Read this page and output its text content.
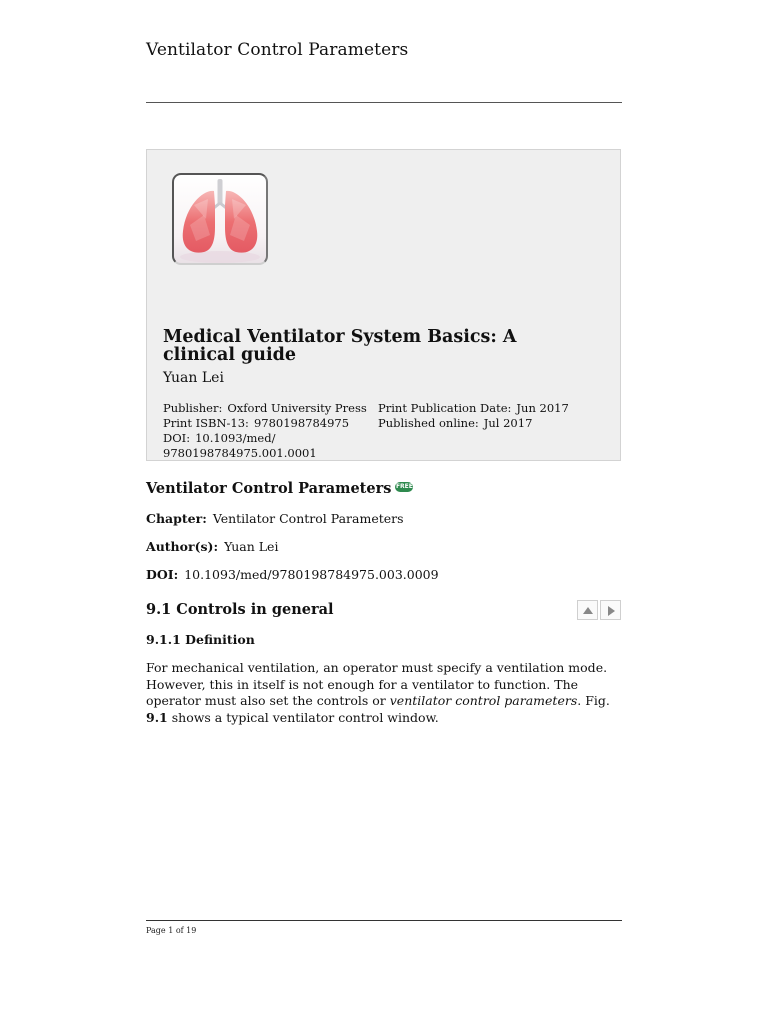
Ventilator Control Parameters
Medical Ventilator System Basics: A clinical guide
Yuan Lei
Publisher: Oxford University Press
Print ISBN-13: 9780198784975
DOI: 10.1093/med/ 9780198784975.001.0001
Print Publication Date: Jun 2017
Published online: Jul 2017
Ventilator Control Parameters FREE
Chapter: Ventilator Control Parameters
Author(s): Yuan Lei
DOI: 10.1093/med/9780198784975.003.0009
9.1 Controls in general
9.1.1 Definition
For mechanical ventilation, an operator must specify a ventilation mode. However, this in itself is not enough for a ventilator to function. The operator must also set the controls or ventilator control parameters. Fig. 9.1 shows a typical ventilator control window.
Page 1 of 19
